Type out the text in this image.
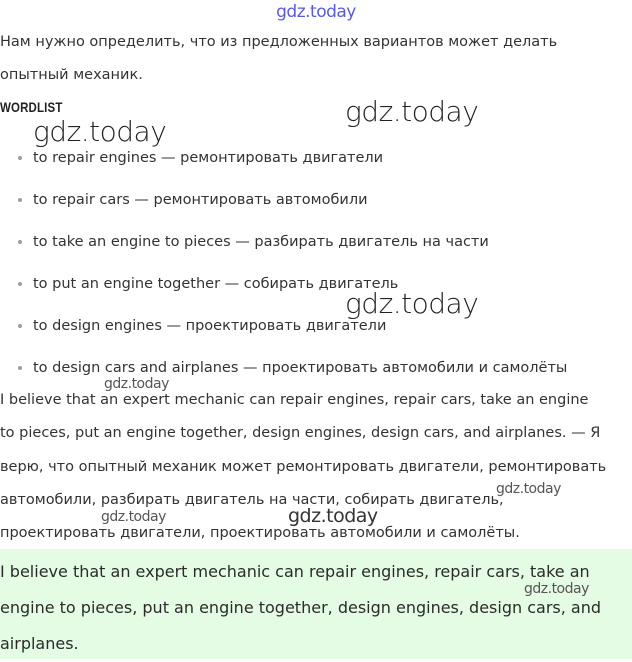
gdz.today

Нам нужно определить, что из предложенных вариантов может делать
опытный механик.

WORDLIST
to repair engines — ремонтировать двигатели
to repair cars — ремонтировать автомобили
to take an engine to pieces — разбирать двигатель на части
to put an engine together — собирать двигатель
to design engines — проектировать двигатели
to design cars and airplanes — проектировать автомобили и самолёты

I believe that an expert mechanic can repair engines, repair cars, take an engine
to pieces, put an engine together, design engines, design cars, and airplanes. — Я
верю, что опытный механик может ремонтировать двигатели, ремонтировать
автомобили, разбирать двигатель на части, собирать двигатель,
проектировать двигатели, проектировать автомобили и самолёты.

I believe that an expert mechanic can repair engines, repair cars, take an
engine to pieces, put an engine together, design engines, design cars, and
airplanes.

gdz.today
gdz.today
gdz.today
gdz.today
gdz.today
gdz.today	gdz.today
gdz.today
